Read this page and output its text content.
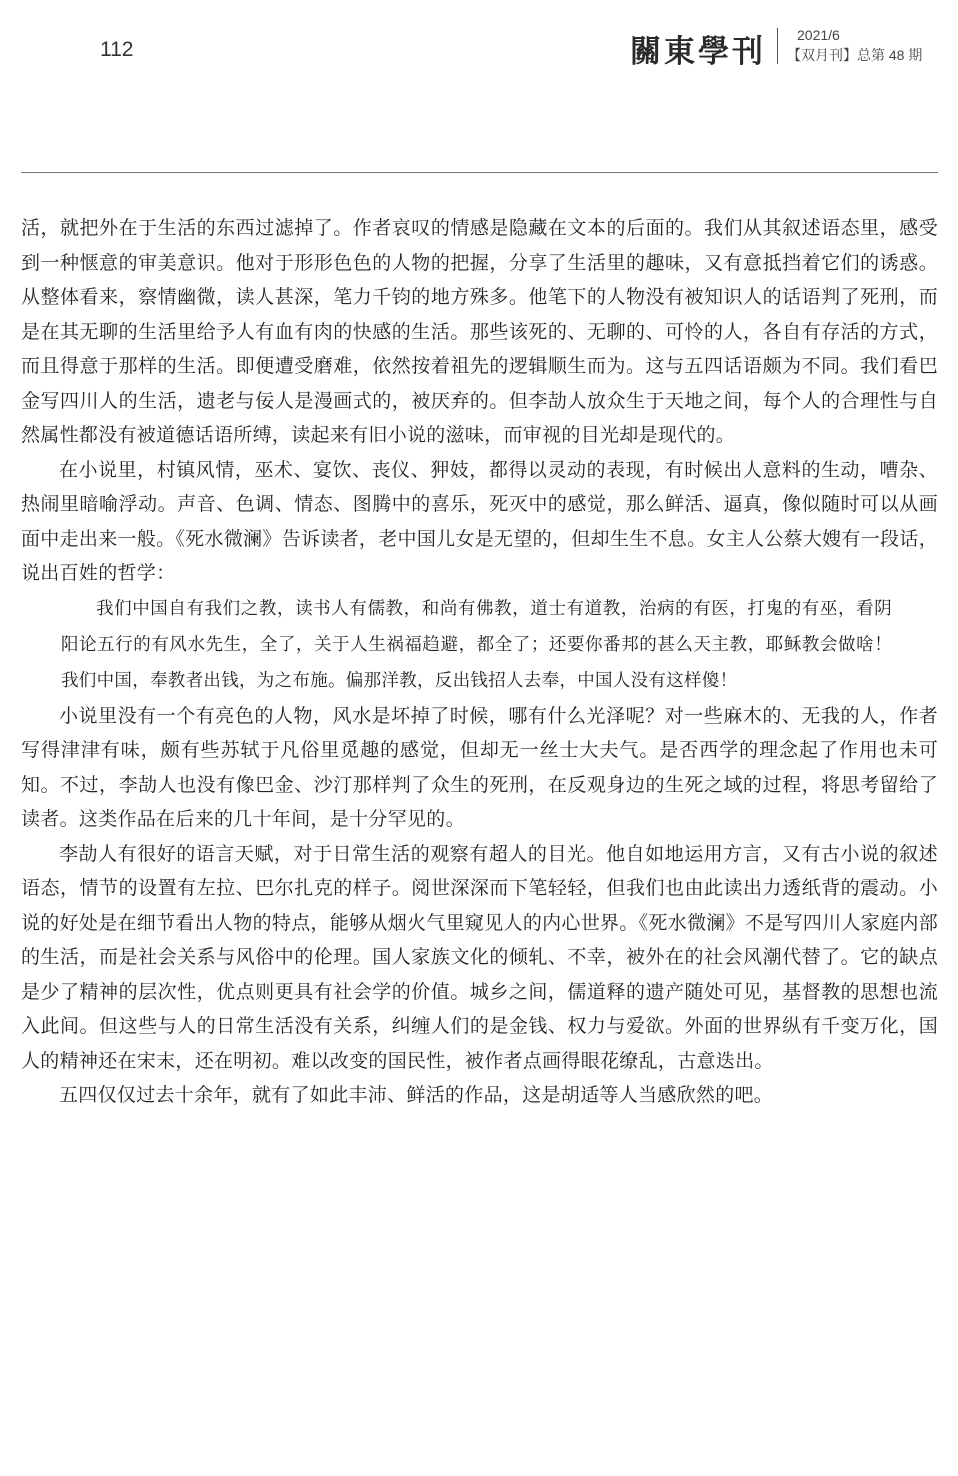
112	關東學刊 2021/6
【双月刊】总第 48 期

活，就把外在于生活的东西过滤掉了。作者哀叹的情感是隐藏在文本的后面的。我们从其叙述语态里，感受到一种惬意的审美意识。他对于形形色色的人物的把握，分享了生活里的趣味，又有意抵挡着它们的诱惑。从整体看来，察情幽微，读人甚深，笔力千钧的地方殊多。他笔下的人物没有被知识人的话语判了死刑，而是在其无聊的生活里给予人有血有肉的快感的生活。那些该死的、无聊的、可怜的人，各自有存活的方式，而且得意于那样的生活。即便遭受磨难，依然按着祖先的逻辑顺生而为。这与五四话语颇为不同。我们看巴金写四川人的生活，遗老与佞人是漫画式的，被厌弃的。但李劼人放众生于天地之间，每个人的合理性与自然属性都没有被道德话语所缚，读起来有旧小说的滋味，而审视的目光却是现代的。

在小说里，村镇风情，巫术、宴饮、丧仪、狎妓，都得以灵动的表现，有时候出人意料的生动，嘈杂、热闹里暗喻浮动。声音、色调、情态、图腾中的喜乐，死灭中的感觉，那么鲜活、逼真，像似随时可以从画面中走出来一般。《死水微澜》告诉读者，老中国儿女是无望的，但却生生不息。女主人公蔡大嫂有一段话，说出百姓的哲学：

我们中国自有我们之教，读书人有儒教，和尚有佛教，道士有道教，治病的有医，打鬼的有巫，看阴阳论五行的有风水先生，全了，关于人生祸福趋避，都全了；还要你番邦的甚么天主教，耶稣教会做啥！我们中国，奉教者出钱，为之布施。偏那洋教，反出钱招人去奉，中国人没有这样傻！

小说里没有一个有亮色的人物，风水是坏掉了时候，哪有什么光泽呢？对一些麻木的、无我的人，作者写得津津有味，颇有些苏轼于凡俗里觅趣的感觉，但却无一丝士大夫气。是否西学的理念起了作用也未可知。不过，李劼人也没有像巴金、沙汀那样判了众生的死刑，在反观身边的生死之域的过程，将思考留给了读者。这类作品在后来的几十年间，是十分罕见的。

李劼人有很好的语言天赋，对于日常生活的观察有超人的目光。他自如地运用方言，又有古小说的叙述语态，情节的设置有左拉、巴尔扎克的样子。阅世深深而下笔轻轻，但我们也由此读出力透纸背的震动。小说的好处是在细节看出人物的特点，能够从烟火气里窥见人的内心世界。《死水微澜》不是写四川人家庭内部的生活，而是社会关系与风俗中的伦理。国人家族文化的倾轧、不幸，被外在的社会风潮代替了。它的缺点是少了精神的层次性，优点则更具有社会学的价值。城乡之间，儒道释的遗产随处可见，基督教的思想也流入此间。但这些与人的日常生活没有关系，纠缠人们的是金钱、权力与爱欲。外面的世界纵有千变万化，国人的精神还在宋末，还在明初。难以改变的国民性，被作者点画得眼花缭乱，古意迭出。

五四仅仅过去十余年，就有了如此丰沛、鲜活的作品，这是胡适等人当感欣然的吧。
